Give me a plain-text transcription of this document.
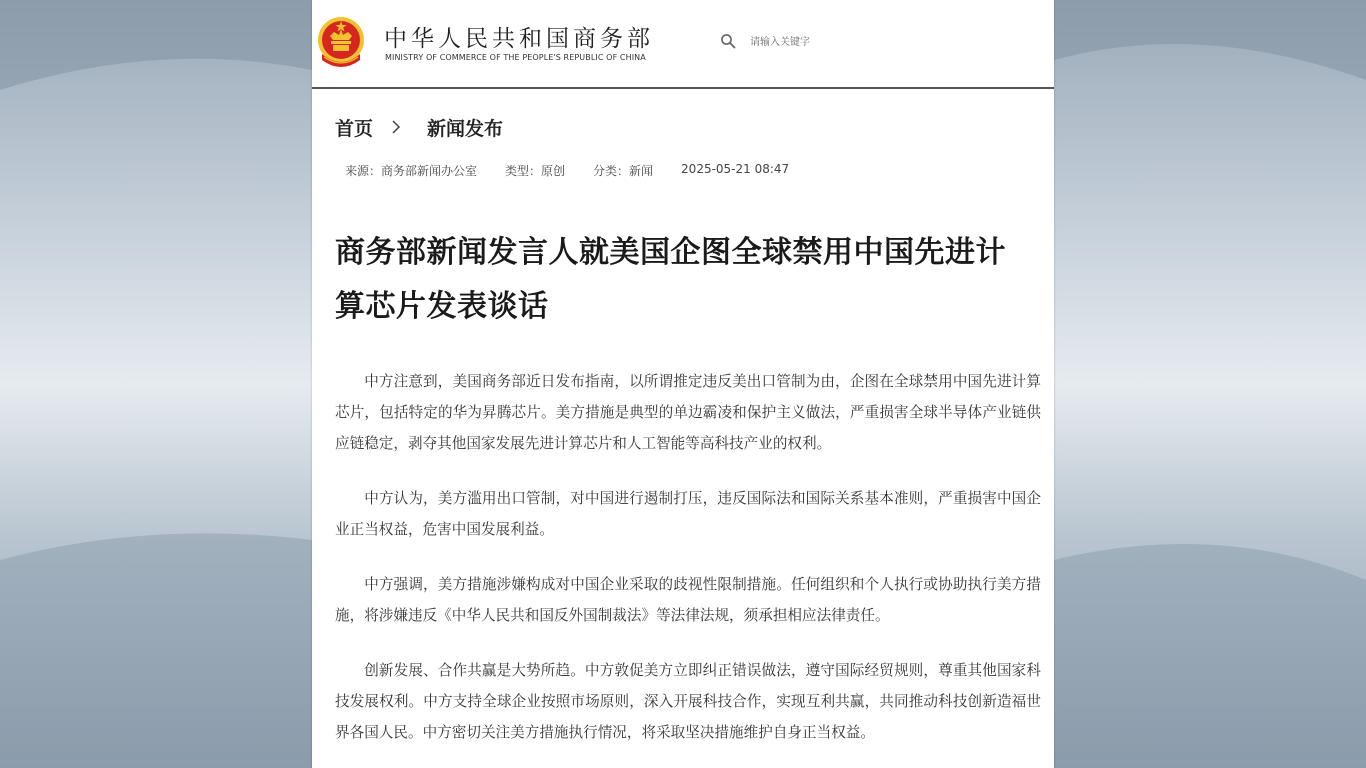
中华人民共和国商务部
MINISTRY OF COMMERCE OF THE PEOPLE'S REPUBLIC OF CHINA
请输入关键字
首页	新闻发布
来源：商务部新闻办公室 类型：原创 分类：新闻 2025-05-21 08:47
商务部新闻发言人就美国企图全球禁用中国先进计算芯片发表谈话

中方注意到，美国商务部近日发布指南，以所谓推定违反美出口管制为由，企图在全球禁用中国先进计算芯片，包括特定的华为昇腾芯片。美方措施是典型的单边霸凌和保护主义做法，严重损害全球半导体产业链供应链稳定，剥夺其他国家发展先进计算芯片和人工智能等高科技产业的权利。

中方认为，美方滥用出口管制，对中国进行遏制打压，违反国际法和国际关系基本准则，严重损害中国企业正当权益，危害中国发展利益。

中方强调，美方措施涉嫌构成对中国企业采取的歧视性限制措施。任何组织和个人执行或协助执行美方措施，将涉嫌违反《中华人民共和国反外国制裁法》等法律法规，须承担相应法律责任。

创新发展、合作共赢是大势所趋。中方敦促美方立即纠正错误做法，遵守国际经贸规则，尊重其他国家科技发展权利。中方支持全球企业按照市场原则，深入开展科技合作，实现互利共赢，共同推动科技创新造福世界各国人民。中方密切关注美方措施执行情况，将采取坚决措施维护自身正当权益。
